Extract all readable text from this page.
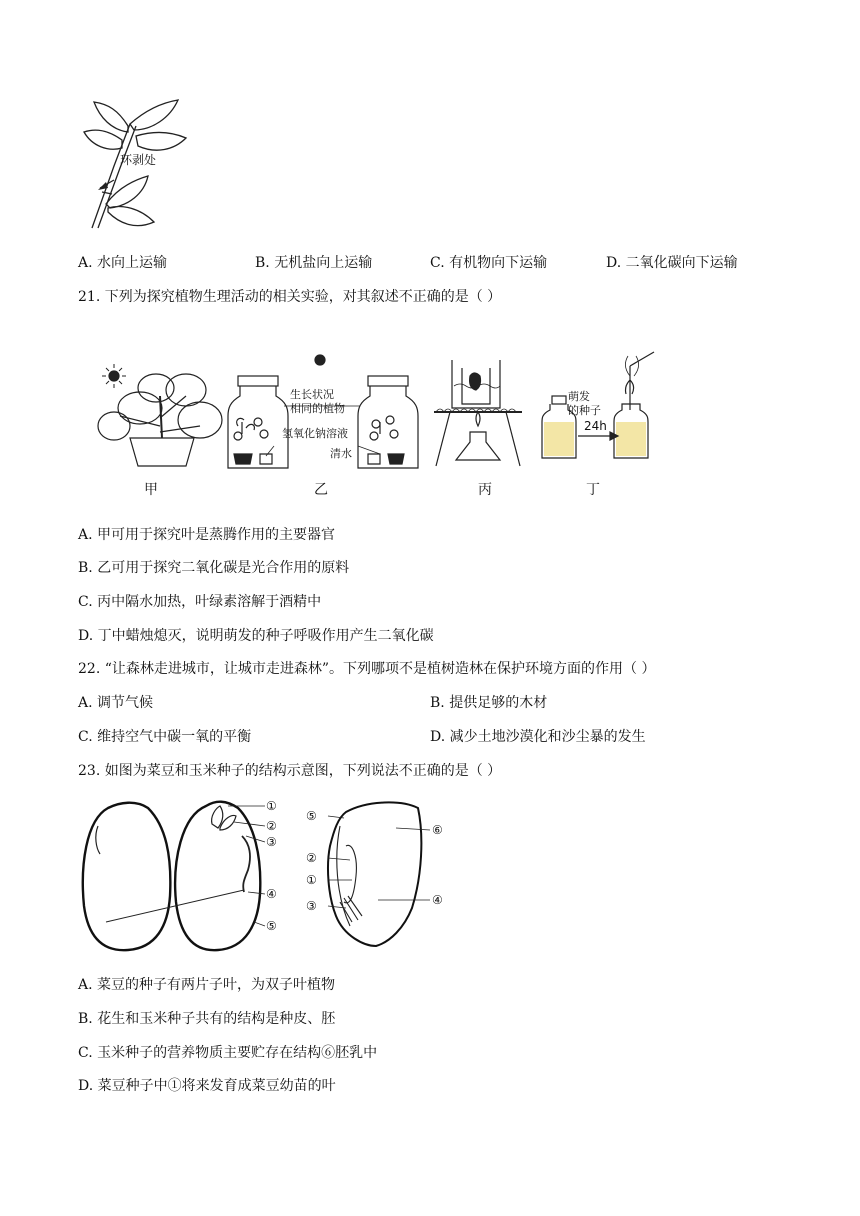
环剥处
A. 水向上运输	B. 无机盐向上运输	C. 有机物向下运输	D. 二氧化碳向下运输
21. 下列为探究植物生理活动的相关实验，对其叙述不正确的是（ ）
甲
生长状况
相同的植物
氢氧化钠溶液
清水
乙	丙
萌发
的种子
24h
丁
A. 甲可用于探究叶是蒸腾作用的主要器官
B. 乙可用于探究二氧化碳是光合作用的原料
C. 丙中隔水加热，叶绿素溶解于酒精中
D. 丁中蜡烛熄灭，说明萌发的种子呼吸作用产生二氧化碳
22. “让森林走进城市，让城市走进森林”。下列哪项不是植树造林在保护环境方面的作用（ ）
A. 调节气候	B. 提供足够的木材
C. 维持空气中碳一氧的平衡	D. 减少土地沙漠化和沙尘暴的发生
23. 如图为菜豆和玉米种子的结构示意图，下列说法不正确的是（ ）
①
②
③
④
⑤
⑤
⑥
②
①
③	④
A. 菜豆的种子有两片子叶，为双子叶植物
B. 花生和玉米种子共有的结构是种皮、胚
C. 玉米种子的营养物质主要贮存在结构⑥胚乳中
D. 菜豆种子中①将来发育成菜豆幼苗的叶
